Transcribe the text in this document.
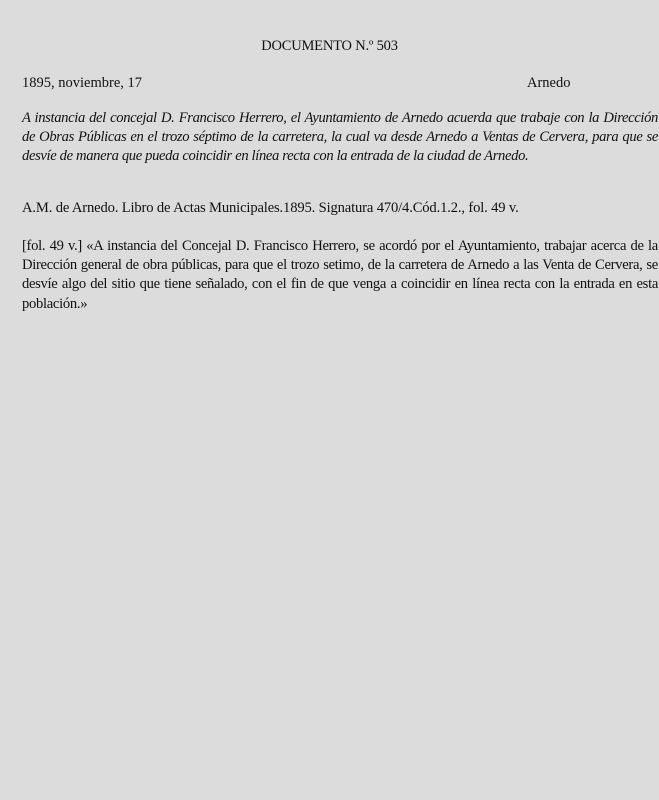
DOCUMENTO N.º 503
1895, noviembre, 17	Arnedo

A instancia del concejal D. Francisco Herrero, el Ayuntamiento de Arnedo acuerda que trabaje con la Dirección de Obras Públicas en el trozo séptimo de la carretera, la cual va desde Arnedo a Ventas de Cervera, para que se desvíe de manera que pueda coincidir en línea recta con la entrada de la ciudad de Arnedo.

A.M. de Arnedo. Libro de Actas Municipales.1895. Signatura 470/4.Cód.1.2., fol. 49 v.

[fol. 49 v.] «A instancia del Concejal D. Francisco Herrero, se acordó por el Ayuntamiento, trabajar acerca de la Dirección general de obra públicas, para que el trozo setimo, de la carretera de Arnedo a las Venta de Cervera, se desvíe algo del sitio que tiene señalado, con el fin de que venga a coincidir en línea recta con la entrada en esta población.»
